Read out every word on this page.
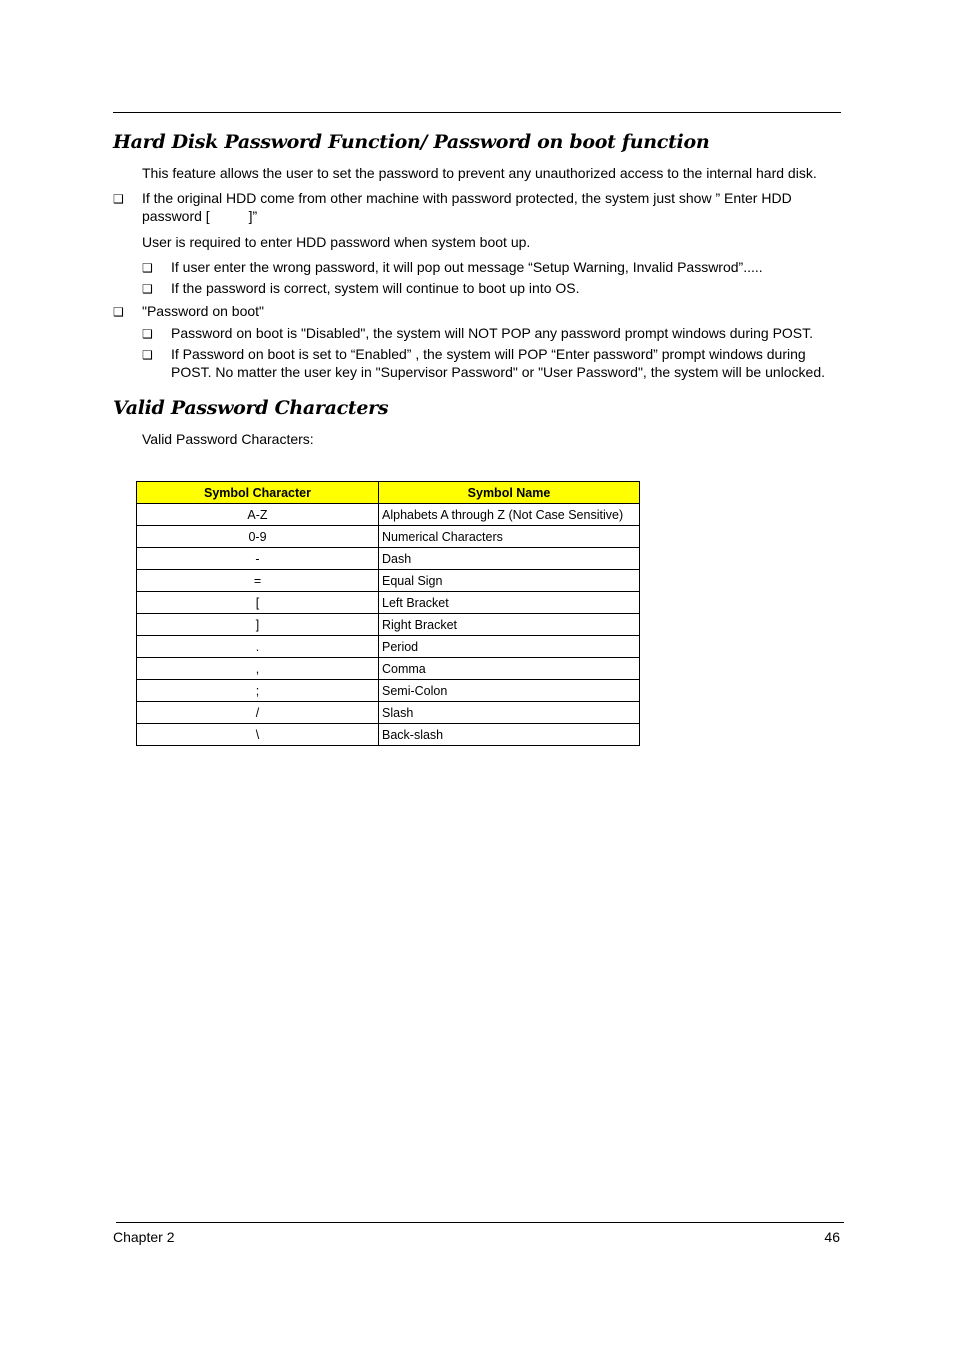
Hard Disk Password Function/ Password on boot function

This feature allows the user to set the password to prevent any unauthorized access to the internal hard disk.

❑ If the original HDD come from other machine with password protected, the system just show ” Enter HDD

password [          ]”

User is required to enter HDD password when system boot up.

❑ If user enter the wrong password, it will pop out message “Setup Warning, Invalid Passwrod”.....

❑ If the password is correct, system will continue to boot up into OS.

❑ "Password on boot"

❑ Password on boot is "Disabled", the system will NOT POP any password prompt windows during POST.

❑ If Password on boot is set to “Enabled” , the system will POP “Enter password” prompt windows during

POST. No matter the user key in "Supervisor Password" or "User Password", the system will be unlocked.

Valid Password Characters

Valid Password Characters:

Symbol Character	Symbol Name
A-Z	Alphabets A through Z (Not Case Sensitive)
0-9	Numerical Characters
-	Dash
=	Equal Sign
[	Left Bracket
]	Right Bracket
.	Period
,	Comma
;	Semi-Colon
/	Slash
\	Back-slash
Chapter 2	46
